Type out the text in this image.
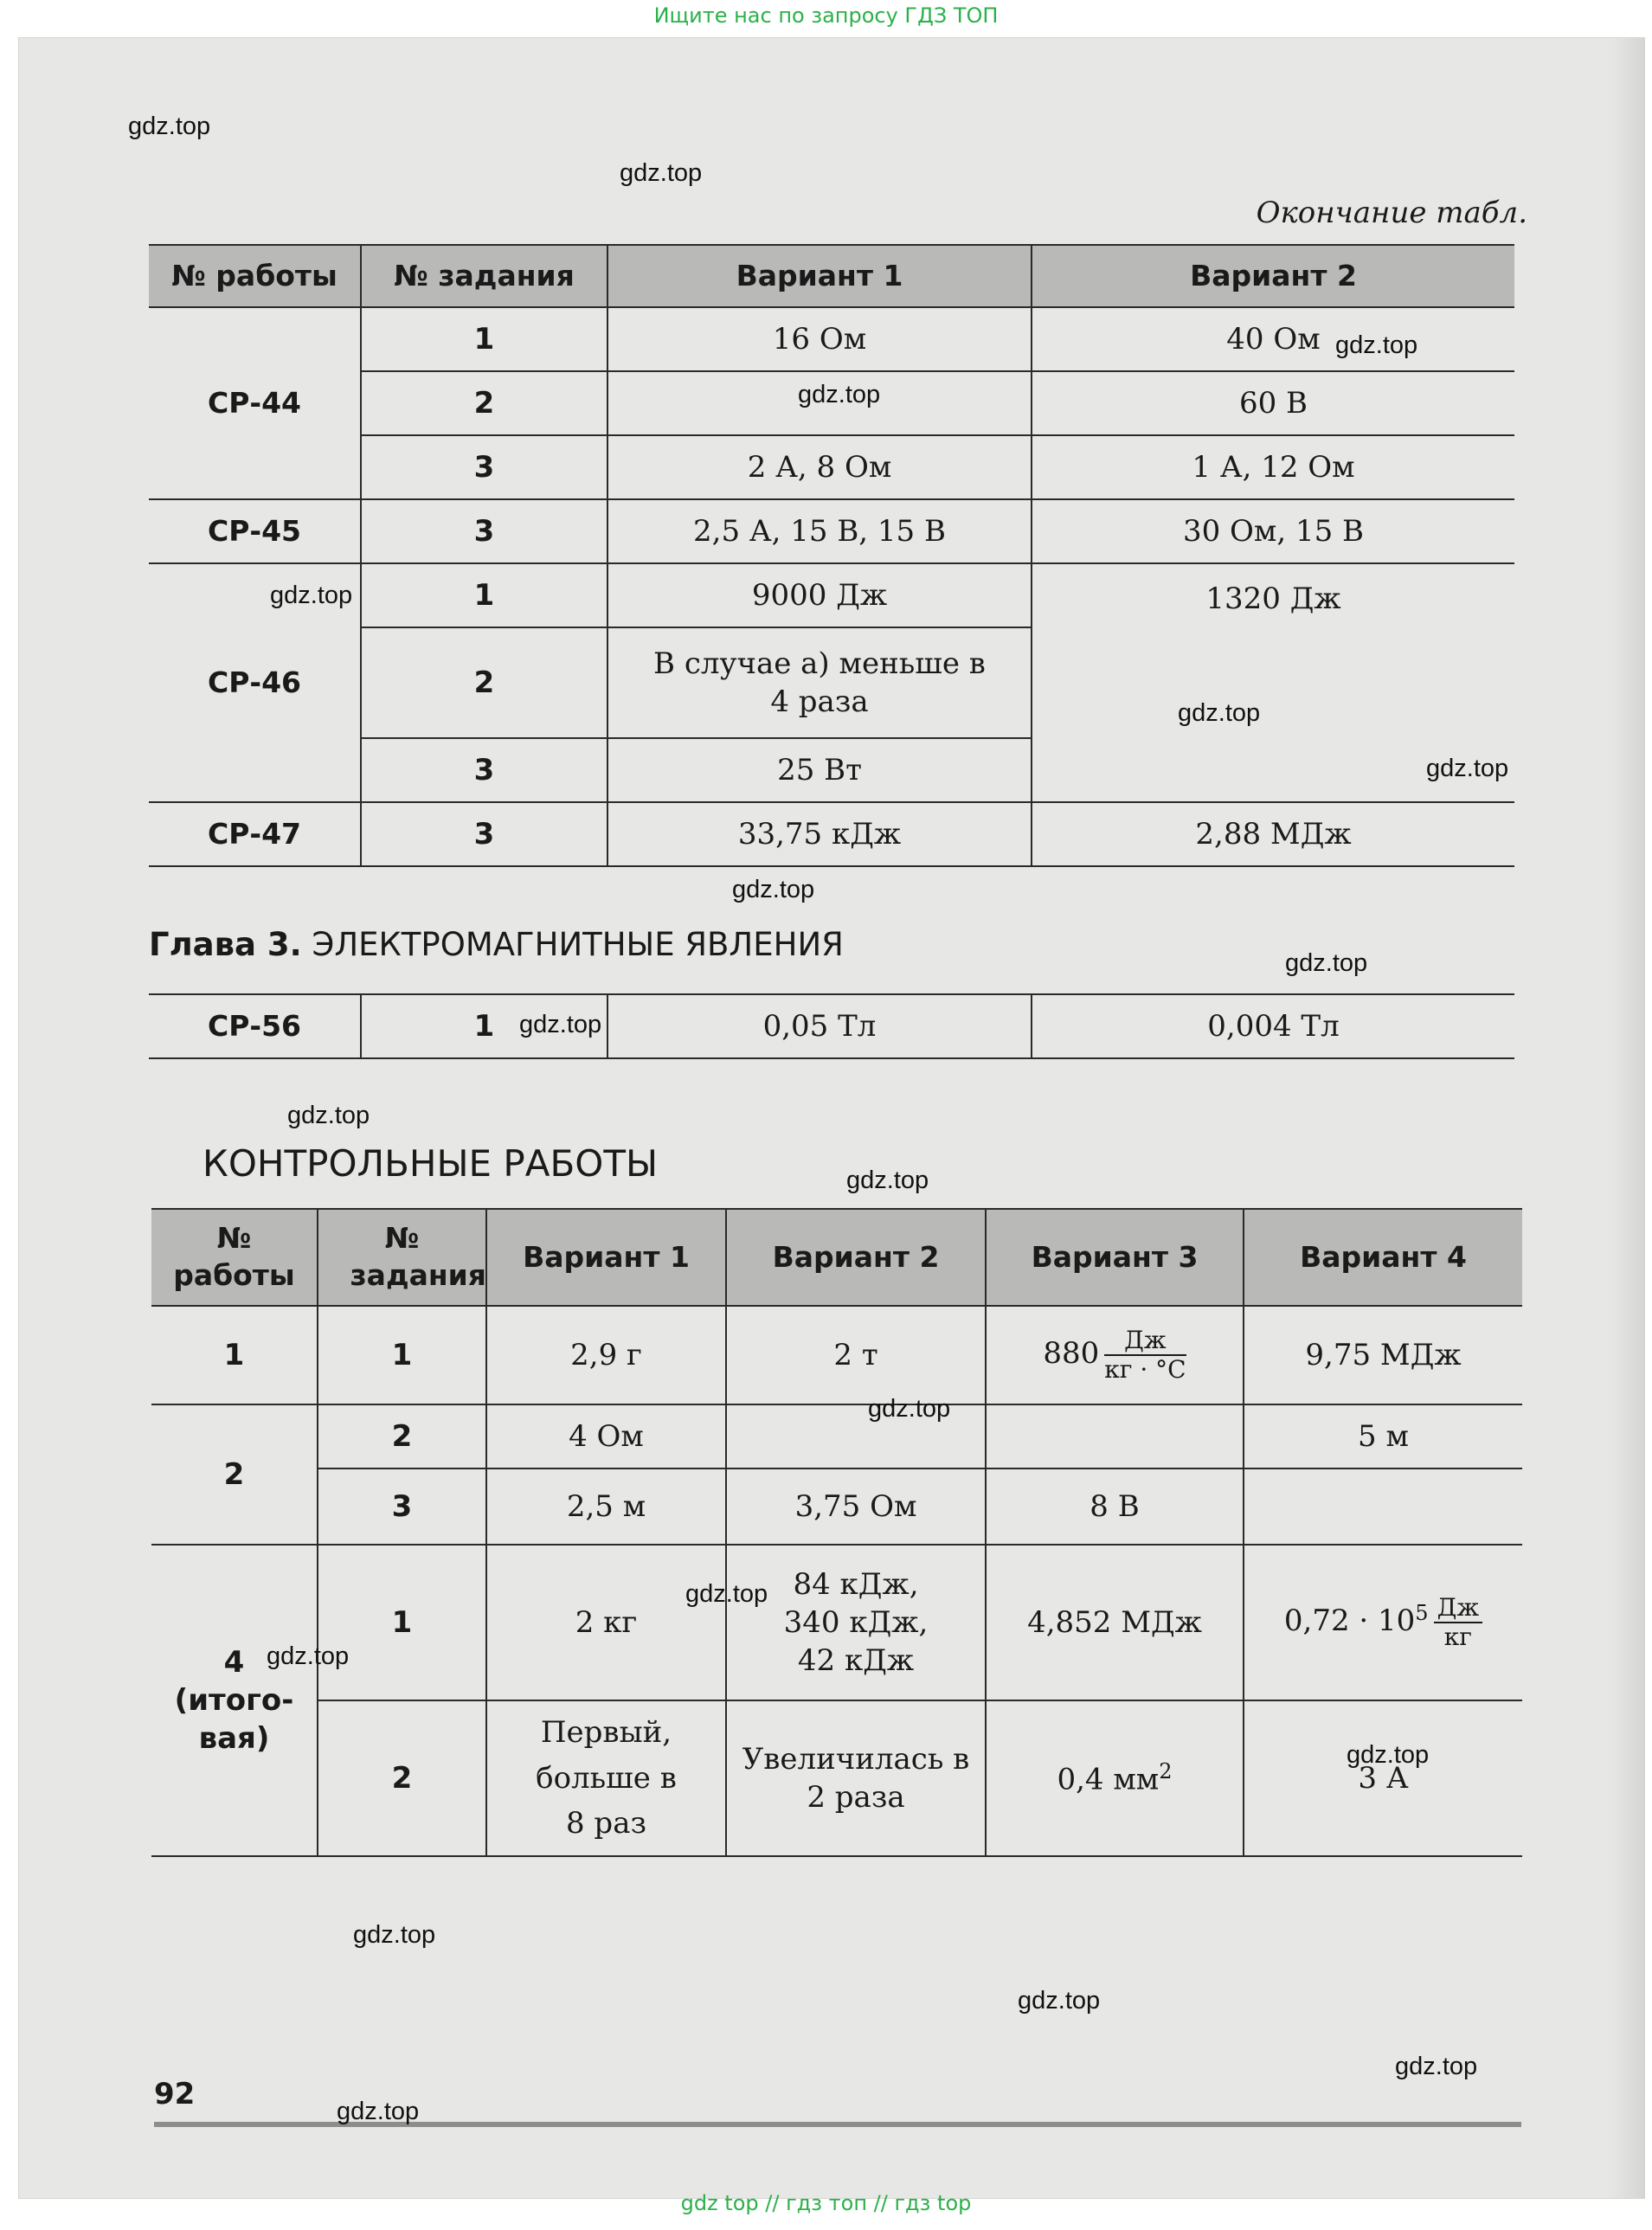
Ищите нас по запросу ГДЗ ТОП
Окончание табл.
№ работы	№ задания	Вариант 1	Вариант 2
СР-44	1	16 Ом	40 Ом
	2		60 В
	3	2 А, 8 Ом	1 А, 12 Ом
СР-45	3	2,5 А, 15 В, 15 В	30 Ом, 15 В
СР-46	1	9000 Дж	1320 Дж
	2	В случае а) меньше в 4 раза	

	3	25 Вт	
СР-47	3	33,75 кДж	2,88 МДж
Глава 3. ЭЛЕКТРОМАГНИТНЫЕ ЯВЛЕНИЯ
СР-56	1	0,05 Тл	0,004 Тл
КОНТРОЛЬНЫЕ РАБОТЫ
№ работы	№ задания	Вариант 1	Вариант 2	Вариант 3	Вариант 4
1	1	2,9 г	2 т	$880 \frac{Дж}{кг \cdot ^\circ С}$	9,75 МДж
2	2	4 Ом			5 м
	3	2,5 м	3,75 Ом	8 В	

4 (итого-вая)	1	2 кг	84 кДж, 340 кДж, 42 кДж	4,852 МДж	$0,72 \cdot 10^5 \frac{Дж}{кг}$

	2	Первый, больше в 8 раз	Увеличилась в 2 раза	0,4 $мм^2$	3 А
92
gdz.top
gdz.top
gdz.top
gdz.top
gdz.top
gdz.top
gdz.top
gdz.top
gdz.top
gdz.top
gdz.top
gdz.top
gdz.top
gdz.top
gdz.top
gdz.top
gdz.top
gdz.top
gdz.top
gdz.top
gdz top // гдз топ // гдз top
